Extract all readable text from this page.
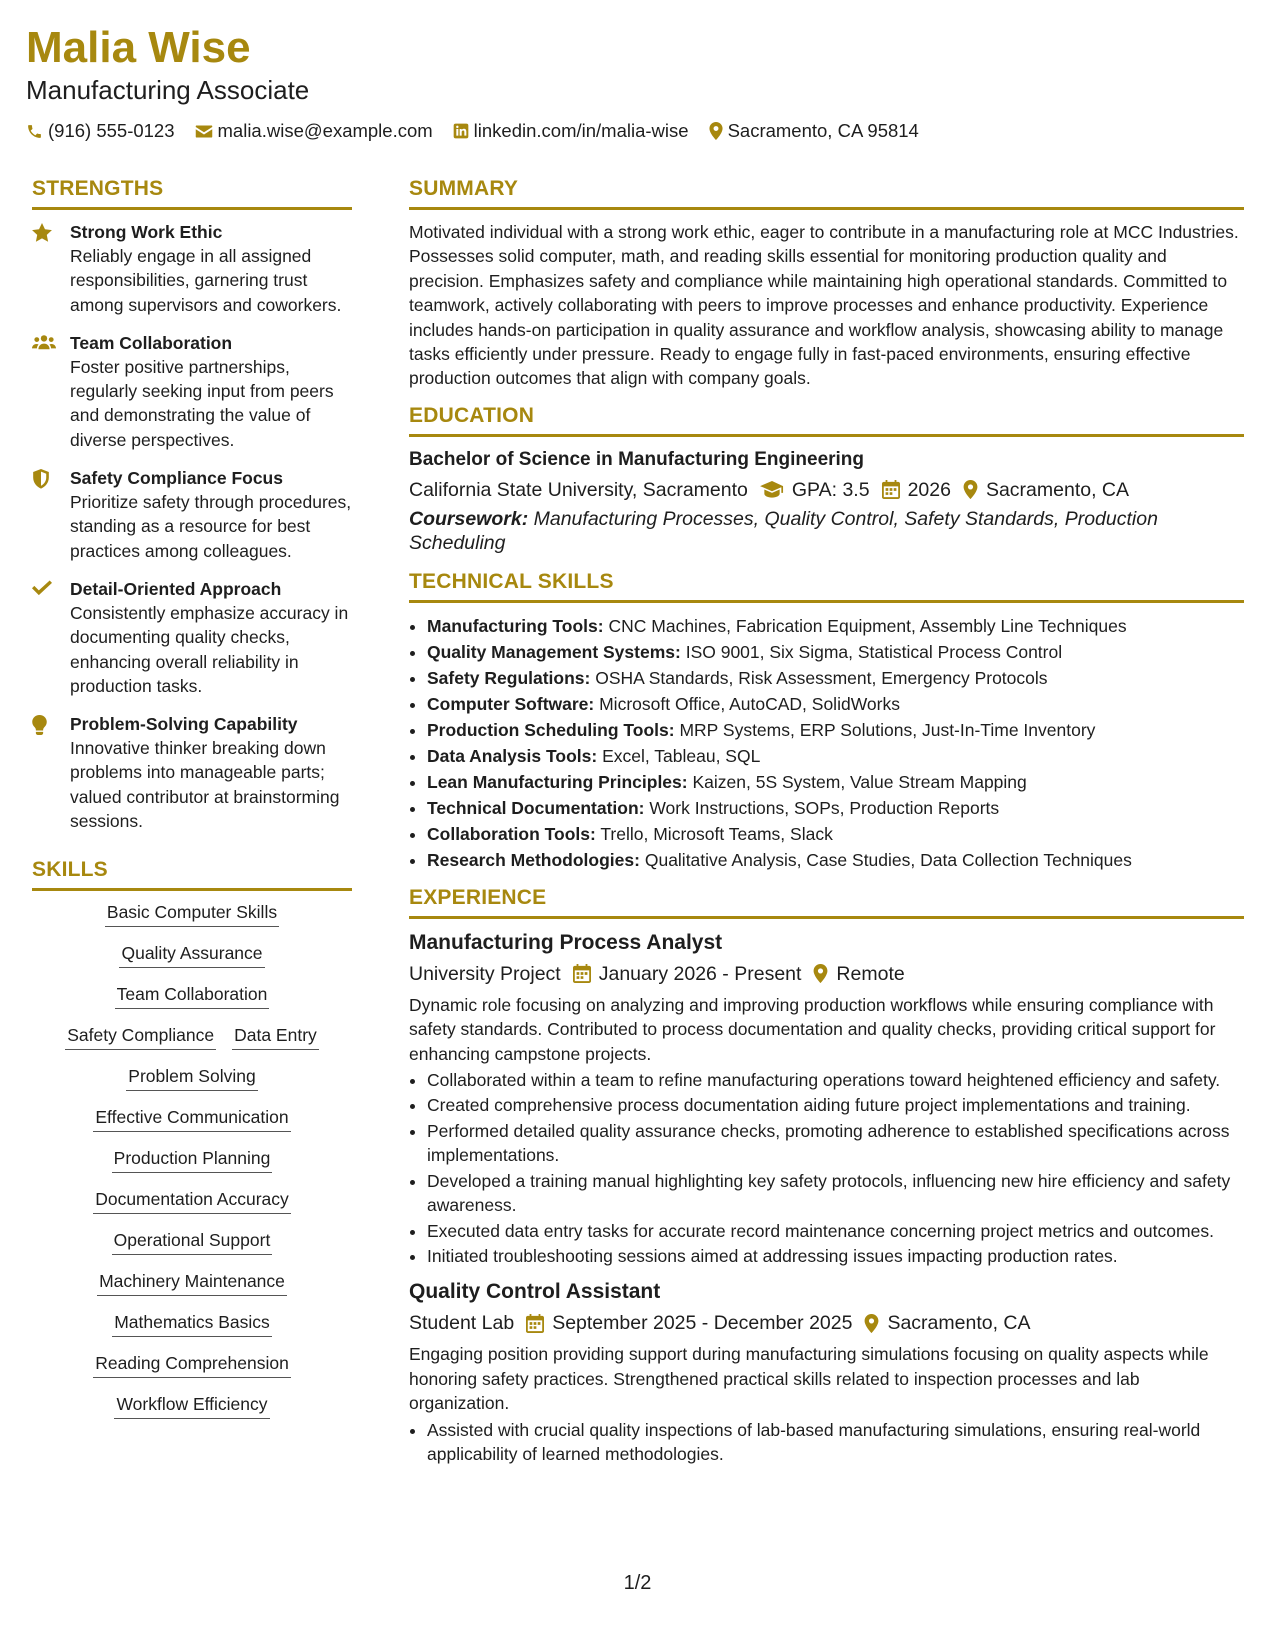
Malia Wise
Manufacturing Associate
(916) 555-0123 malia.wise@example.com linkedin.com/in/malia-wise Sacramento, CA 95814
STRENGTHS
Strong Work Ethic
Reliably engage in all assigned responsibilities, garnering trust among supervisors and coworkers.
Team Collaboration
Foster positive partnerships, regularly seeking input from peers and demonstrating the value of diverse perspectives.
Safety Compliance Focus
Prioritize safety through procedures, standing as a resource for best practices among colleagues.
Detail-Oriented Approach
Consistently emphasize accuracy in documenting quality checks, enhancing overall reliability in production tasks.
Problem-Solving Capability
Innovative thinker breaking down problems into manageable parts; valued contributor at brainstorming sessions.
SKILLS
Basic Computer Skills
Quality Assurance
Team Collaboration
Safety Compliance Data Entry
Problem Solving
Effective Communication
Production Planning
Documentation Accuracy
Operational Support
Machinery Maintenance
Mathematics Basics
Reading Comprehension
Workflow Efficiency
SUMMARY
Motivated individual with a strong work ethic, eager to contribute in a manufacturing role at MCC Industries. Possesses solid computer, math, and reading skills essential for monitoring production quality and precision. Emphasizes safety and compliance while maintaining high operational standards. Committed to teamwork, actively collaborating with peers to improve processes and enhance productivity. Experience includes hands-on participation in quality assurance and workflow analysis, showcasing ability to manage tasks efficiently under pressure. Ready to engage fully in fast-paced environments, ensuring effective production outcomes that align with company goals.
EDUCATION
Bachelor of Science in Manufacturing Engineering
California State University, Sacramento GPA: 3.5 2026 Sacramento, CA
Coursework: Manufacturing Processes, Quality Control, Safety Standards, Production Scheduling
TECHNICAL SKILLS
• Manufacturing Tools: CNC Machines, Fabrication Equipment, Assembly Line Techniques
• Quality Management Systems: ISO 9001, Six Sigma, Statistical Process Control
• Safety Regulations: OSHA Standards, Risk Assessment, Emergency Protocols
• Computer Software: Microsoft Office, AutoCAD, SolidWorks
• Production Scheduling Tools: MRP Systems, ERP Solutions, Just-In-Time Inventory
• Data Analysis Tools: Excel, Tableau, SQL
• Lean Manufacturing Principles: Kaizen, 5S System, Value Stream Mapping
• Technical Documentation: Work Instructions, SOPs, Production Reports
• Collaboration Tools: Trello, Microsoft Teams, Slack
• Research Methodologies: Qualitative Analysis, Case Studies, Data Collection Techniques
EXPERIENCE
Manufacturing Process Analyst
University Project January 2026 - Present Remote
Dynamic role focusing on analyzing and improving production workflows while ensuring compliance with safety standards. Contributed to process documentation and quality checks, providing critical support for enhancing campstone projects.
• Collaborated within a team to refine manufacturing operations toward heightened efficiency and safety.
• Created comprehensive process documentation aiding future project implementations and training.
• Performed detailed quality assurance checks, promoting adherence to established specifications across implementations.
• Developed a training manual highlighting key safety protocols, influencing new hire efficiency and safety awareness.
• Executed data entry tasks for accurate record maintenance concerning project metrics and outcomes.
• Initiated troubleshooting sessions aimed at addressing issues impacting production rates.
Quality Control Assistant
Student Lab September 2025 - December 2025 Sacramento, CA
Engaging position providing support during manufacturing simulations focusing on quality aspects while honoring safety practices. Strengthened practical skills related to inspection processes and lab organization.
• Assisted with crucial quality inspections of lab-based manufacturing simulations, ensuring real-world applicability of learned methodologies.
1/2
